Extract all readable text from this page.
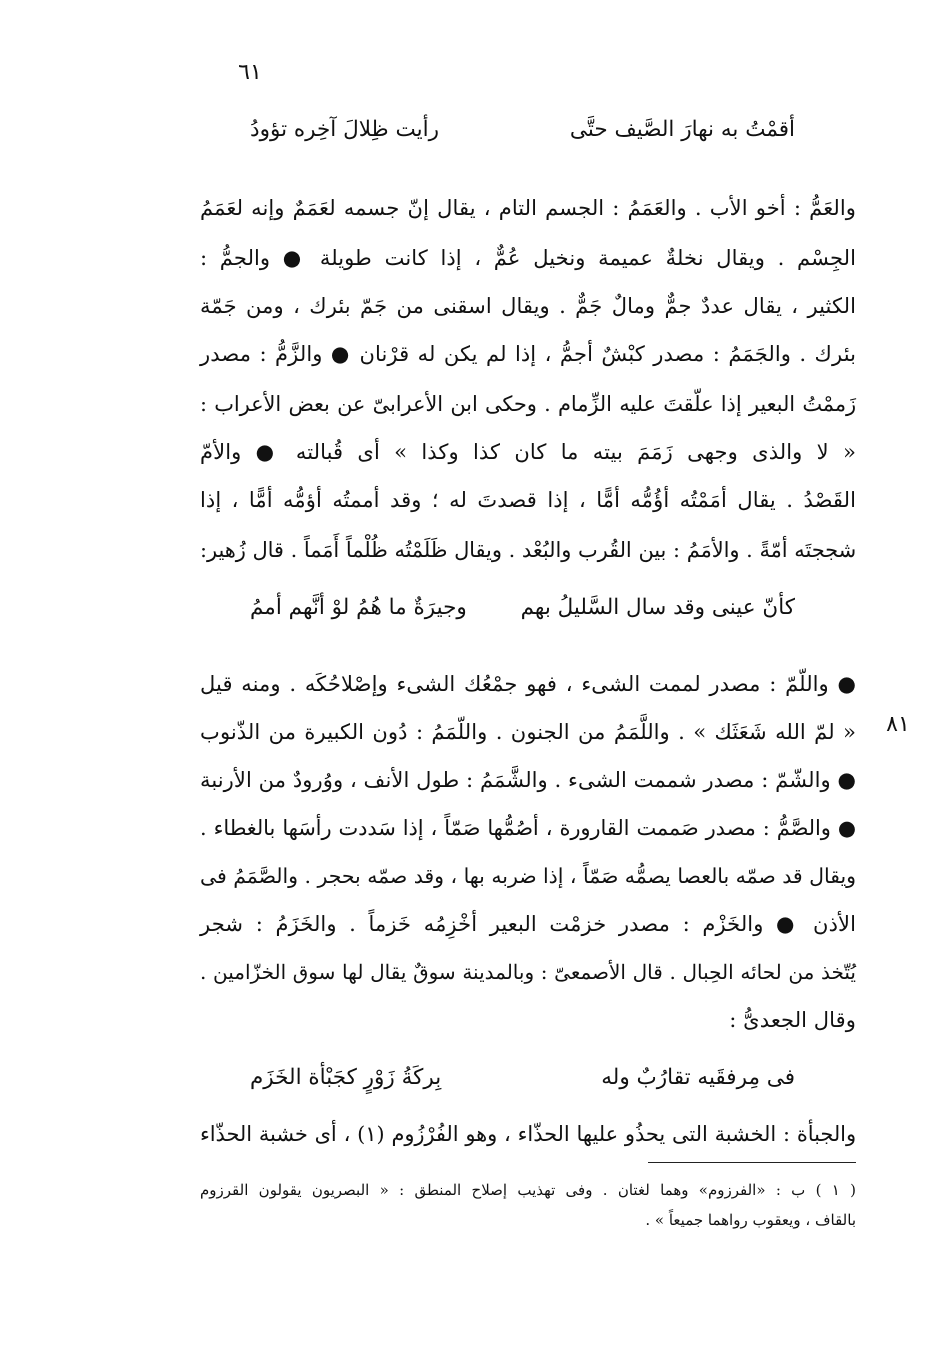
٦١
أقمْتُ به نهارَ الصَّيف حتَّى
رأيت ظِلالَ آخِره تؤودُ
والعَمُّ : أخو الأب . والعَمَمُ : الجسم التام ، يقال إنّ جسمه لعَمَمٌ وإنه لعَمَمُ
الجِسْم . ويقال نخلةٌ عميمة ونخيل عُمٌّ ، إذا كانت طويلة ● والجمُّ :
الكثير ، يقال عددٌ جمٌّ ومالٌ جَمٌّ . ويقال اسقنى من جَمّ بئرك ، ومن جَمّة
بئرك . والجَمَمُ : مصدر كبْشٌ أجمُّ ، إذا لم يكن له قرْنان ● والزَّمُّ : مصدر
زَممْتُ البعير إذا علّقتَ عليه الزِّمام . وحكى ابن الأعرابىّ عن بعض الأعراب :
« لا والذى وجهى زَمَمَ بيته ما كان كذا وكذا » أى قُبالته ● والأمّ
القَصْدُ . يقال أمَمْتُه أؤُمُّه أمًّا ، إذا قصدتَ له ؛ وقد أممتُه أؤمُّه أمًّا ، إذا
شججتَه أمّةً . والأمَمُ : بين القُرب والبُعْد . ويقال ظَلَمْتُه ظُلْماً أَمَماً . قال زُهير:
كأنّ عينى وقد سال السَّليلُ بهم
وجيرَةٌ ما هُمُ لوْ أنَّهم أممُ
٨١
● واللّمّ : مصدر لممت الشىء ، فهو جمْعُك الشىء وإصْلاحُكَه . ومنه قيل
« لمّ الله شَعَثَك » . واللَّمَمُ من الجنون . واللّمَمُ : دُون الكبيرة من الذّنوب
● والشّمّ : مصدر شممت الشىء . والشَّمَمُ : طول الأنف ، ووُرودٌ من الأرنبة
● والصَّمُّ : مصدر صَممت القارورة ، أصُمُّها صَمّاً ، إذا سَددت رأسَها بالغطاء .
ويقال قد صمّه بالعصا يصمُّه صَمّاً ، إذا ضربه بها ، وقد صمّه بحجر . والصَّمَمُ فى
الأذن ● والخَزْم : مصدر خزمْت البعير أخْزِمُه خَزماً . والخَزَمُ : شجر
يُتّخذ من لحائه الحِبال . قال الأصمعىّ : وبالمدينة سوقٌ يقال لها سوق الخزّامين .
وقال الجعدىُّ :
فى مِرفقَيه تقارُبٌ وله
بِركَةُ زَوْرٍ كجَبْأة الخَزَم
والجبأة : الخشبة التى يحذُو عليها الحذّاء ، وهو الفُرْزُوم (١) ، أى خشبة الحذّاء
( ١ ) ب : «الفرزوم» وهما لغتان . وفى تهذيب إصلاح المنطق : « البصريون يقولون القرزوم
بالقاف ، ويعقوب رواهما جميعاً » .
